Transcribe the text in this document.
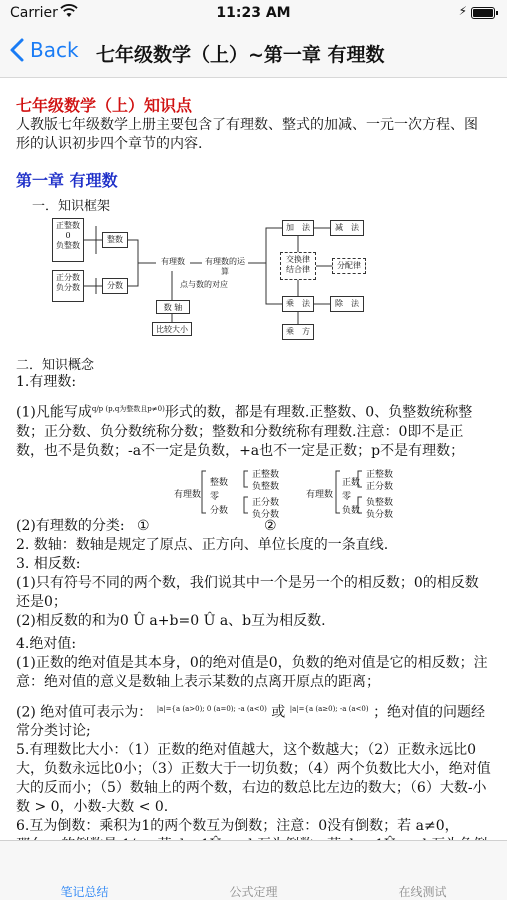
Carrier	11:23 AM	⚡
Back 七年级数学（上）~第一章 有理数
七年级数学（上）知识点
人教版七年级数学上册主要包含了有理数、整式的加减、一元一次方程、图形的认识初步四个章节的内容.
第一章 有理数
一．知识框架
正整数
0
负整数
正分数
负分数
整数
分数
有理数	有理数的运算
点与数的对应
数 轴
比较大小
加　法	减　法
交换律
结合律	分配律
乘　法	除　法
乘　方
二．知识概念
1.有理数:
(1)凡能写成$^{q/p (p,q为整数且p\ne 0)}$形式的数，都是有理数.正整数、0、负整数统称整数；正分数、负分数统称分数；整数和分数统称有理数.注意：0即不是正数，也不是负数；-a不一定是负数，+a也不一定是正数；p不是有理数；
有理数
整数
正整数
零
负整数
分数
正分数
负分数
有理数
正数
正整数
正分数
零
负数
负整数
负分数
(2)有理数的分类: ①	②
2. 数轴：数轴是规定了原点、正方向、单位长度的一条直线.
3. 相反数:
(1)只有符号不同的两个数，我们说其中一个是另一个的相反数；0的相反数还是0；
(2)相反数的和为0 Û a+b=0 Û a、b互为相反数.
4.绝对值:
(1)正数的绝对值是其本身，0的绝对值是0，负数的绝对值是它的相反数；注意：绝对值的意义是数轴上表示某数的点离开原点的距离；
(2) 绝对值可表示为： $^{|a|=\{a (a>0); 0 (a=0); -a (a<0)}$ 或 $^{|a|=\{a (a\ge 0); -a (a<0)}$ ；绝对值的问题经常分类讨论;
5.有理数比大小：（1）正数的绝对值越大，这个数越大；（2）正数永远比0大，负数永远比0小；（3）正数大于一切负数；（4）两个负数比大小，绝对值大的反而小；（5）数轴上的两个数，右边的数总比左边的数大；（6）大数-小数 > 0，小数-大数 < 0.
6.互为倒数：乘积为1的两个数互为倒数；注意：0没有倒数；若 a≠0，
笔记总结	公式定理	在线测试
